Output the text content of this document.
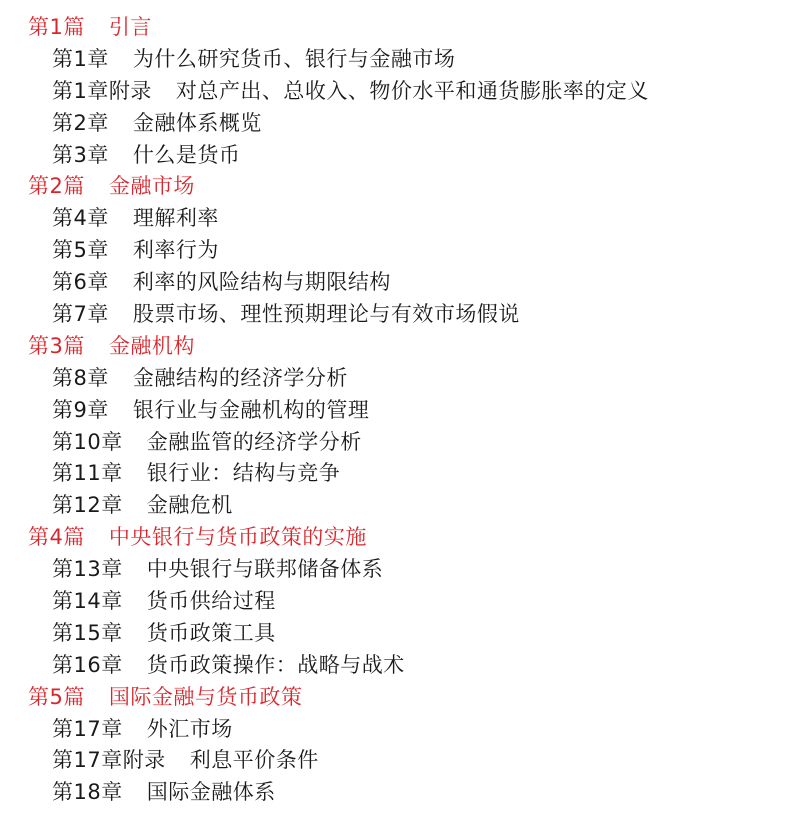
第1篇 引言
第1章 为什么研究货币、银行与金融市场
第1章附录 对总产出、总收入、物价水平和通货膨胀率的定义
第2章 金融体系概览
第3章 什么是货币
第2篇 金融市场
第4章 理解利率
第5章 利率行为
第6章 利率的风险结构与期限结构
第7章 股票市场、理性预期理论与有效市场假说
第3篇 金融机构
第8章 金融结构的经济学分析
第9章 银行业与金融机构的管理
第10章 金融监管的经济学分析
第11章 银行业：结构与竞争
第12章 金融危机
第4篇 中央银行与货币政策的实施
第13章 中央银行与联邦储备体系
第14章 货币供给过程
第15章 货币政策工具
第16章 货币政策操作：战略与战术
第5篇 国际金融与货币政策
第17章 外汇市场
第17章附录 利息平价条件
第18章 国际金融体系
